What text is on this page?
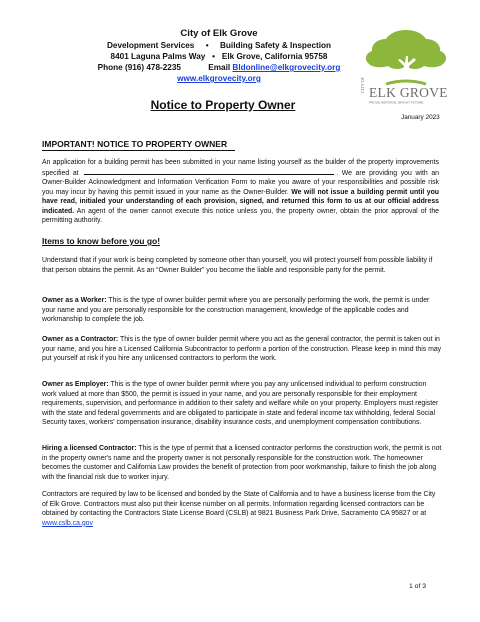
City of Elk Grove
Development Services • Building Safety & Inspection
8401 Laguna Palms Way • Elk Grove, California 95758
Phone (916) 478-2235	Email Bldonline@elkgrovecity.org
www.elkgrovecity.org	CITY OF ELK GROVE
PROUD HERITAGE. BRIGHT FUTURE.
Notice to Property Owner
January 2023
IMPORTANT! NOTICE TO PROPERTY OWNER
An application for a building permit has been submitted in your name listing yourself as the builder of the property improvements specified at	. We are providing you with an Owner-Builder Acknowledgment and Information Verification Form to make you aware of your responsibilities and possible risk you may incur by having this permit issued in your name as the Owner-Builder. We will not issue a building permit until you have read, initialed your understanding of each provision, signed, and returned this form to us at our official address indicated. An agent of the owner cannot execute this notice unless you, the property owner, obtain the prior approval of the permitting authority.
Items to know before you go!
Understand that if your work is being completed by someone other than yourself, you will protect yourself from possible liability if that person obtains the permit. As an “Owner Builder” you become the liable and responsible party for the permit.
Owner as a Worker: This is the type of owner builder permit where you are personally performing the work, the permit is under your name and you are personally responsible for the construction management, knowledge of the applicable codes and workmanship to complete the job.
Owner as a Contractor: This is the type of owner builder permit where you act as the general contractor, the permit is taken out in your name, and you hire a Licensed California Subcontractor to perform a portion of the construction. Please keep in mind this may put yourself at risk if you hire any unlicensed contractors to perform the work.
Owner as Employer: This is the type of owner builder permit where you pay any unlicensed individual to perform construction work valued at more than $500, the permit is issued in your name, and you are personally responsible for their employment requirements, supervision, and performance in addition to their safety and welfare while on your property. Employers must register with the state and federal governments and are obligated to participate in state and federal income tax withholding, federal Social Security taxes, workers' compensation insurance, disability insurance costs, and unemployment compensation contributions.
Hiring a licensed Contractor: This is the type of permit that a licensed contractor performs the construction work, the permit is not in the property owner's name and the property owner is not personally responsible for the construction work. The homeowner becomes the customer and California Law provides the benefit of protection from poor workmanship, failure to finish the job along with the financial risk due to worker injury.
Contractors are required by law to be licensed and bonded by the State of California and to have a business license from the City of Elk Grove. Contractors must also put their license number on all permits. Information regarding licensed contractors can be obtained by contacting the Contractors State License Board (CSLB) at 9821 Business Park Drive, Sacramento CA 95827 or at www.cslb.ca.gov
1 of 3
